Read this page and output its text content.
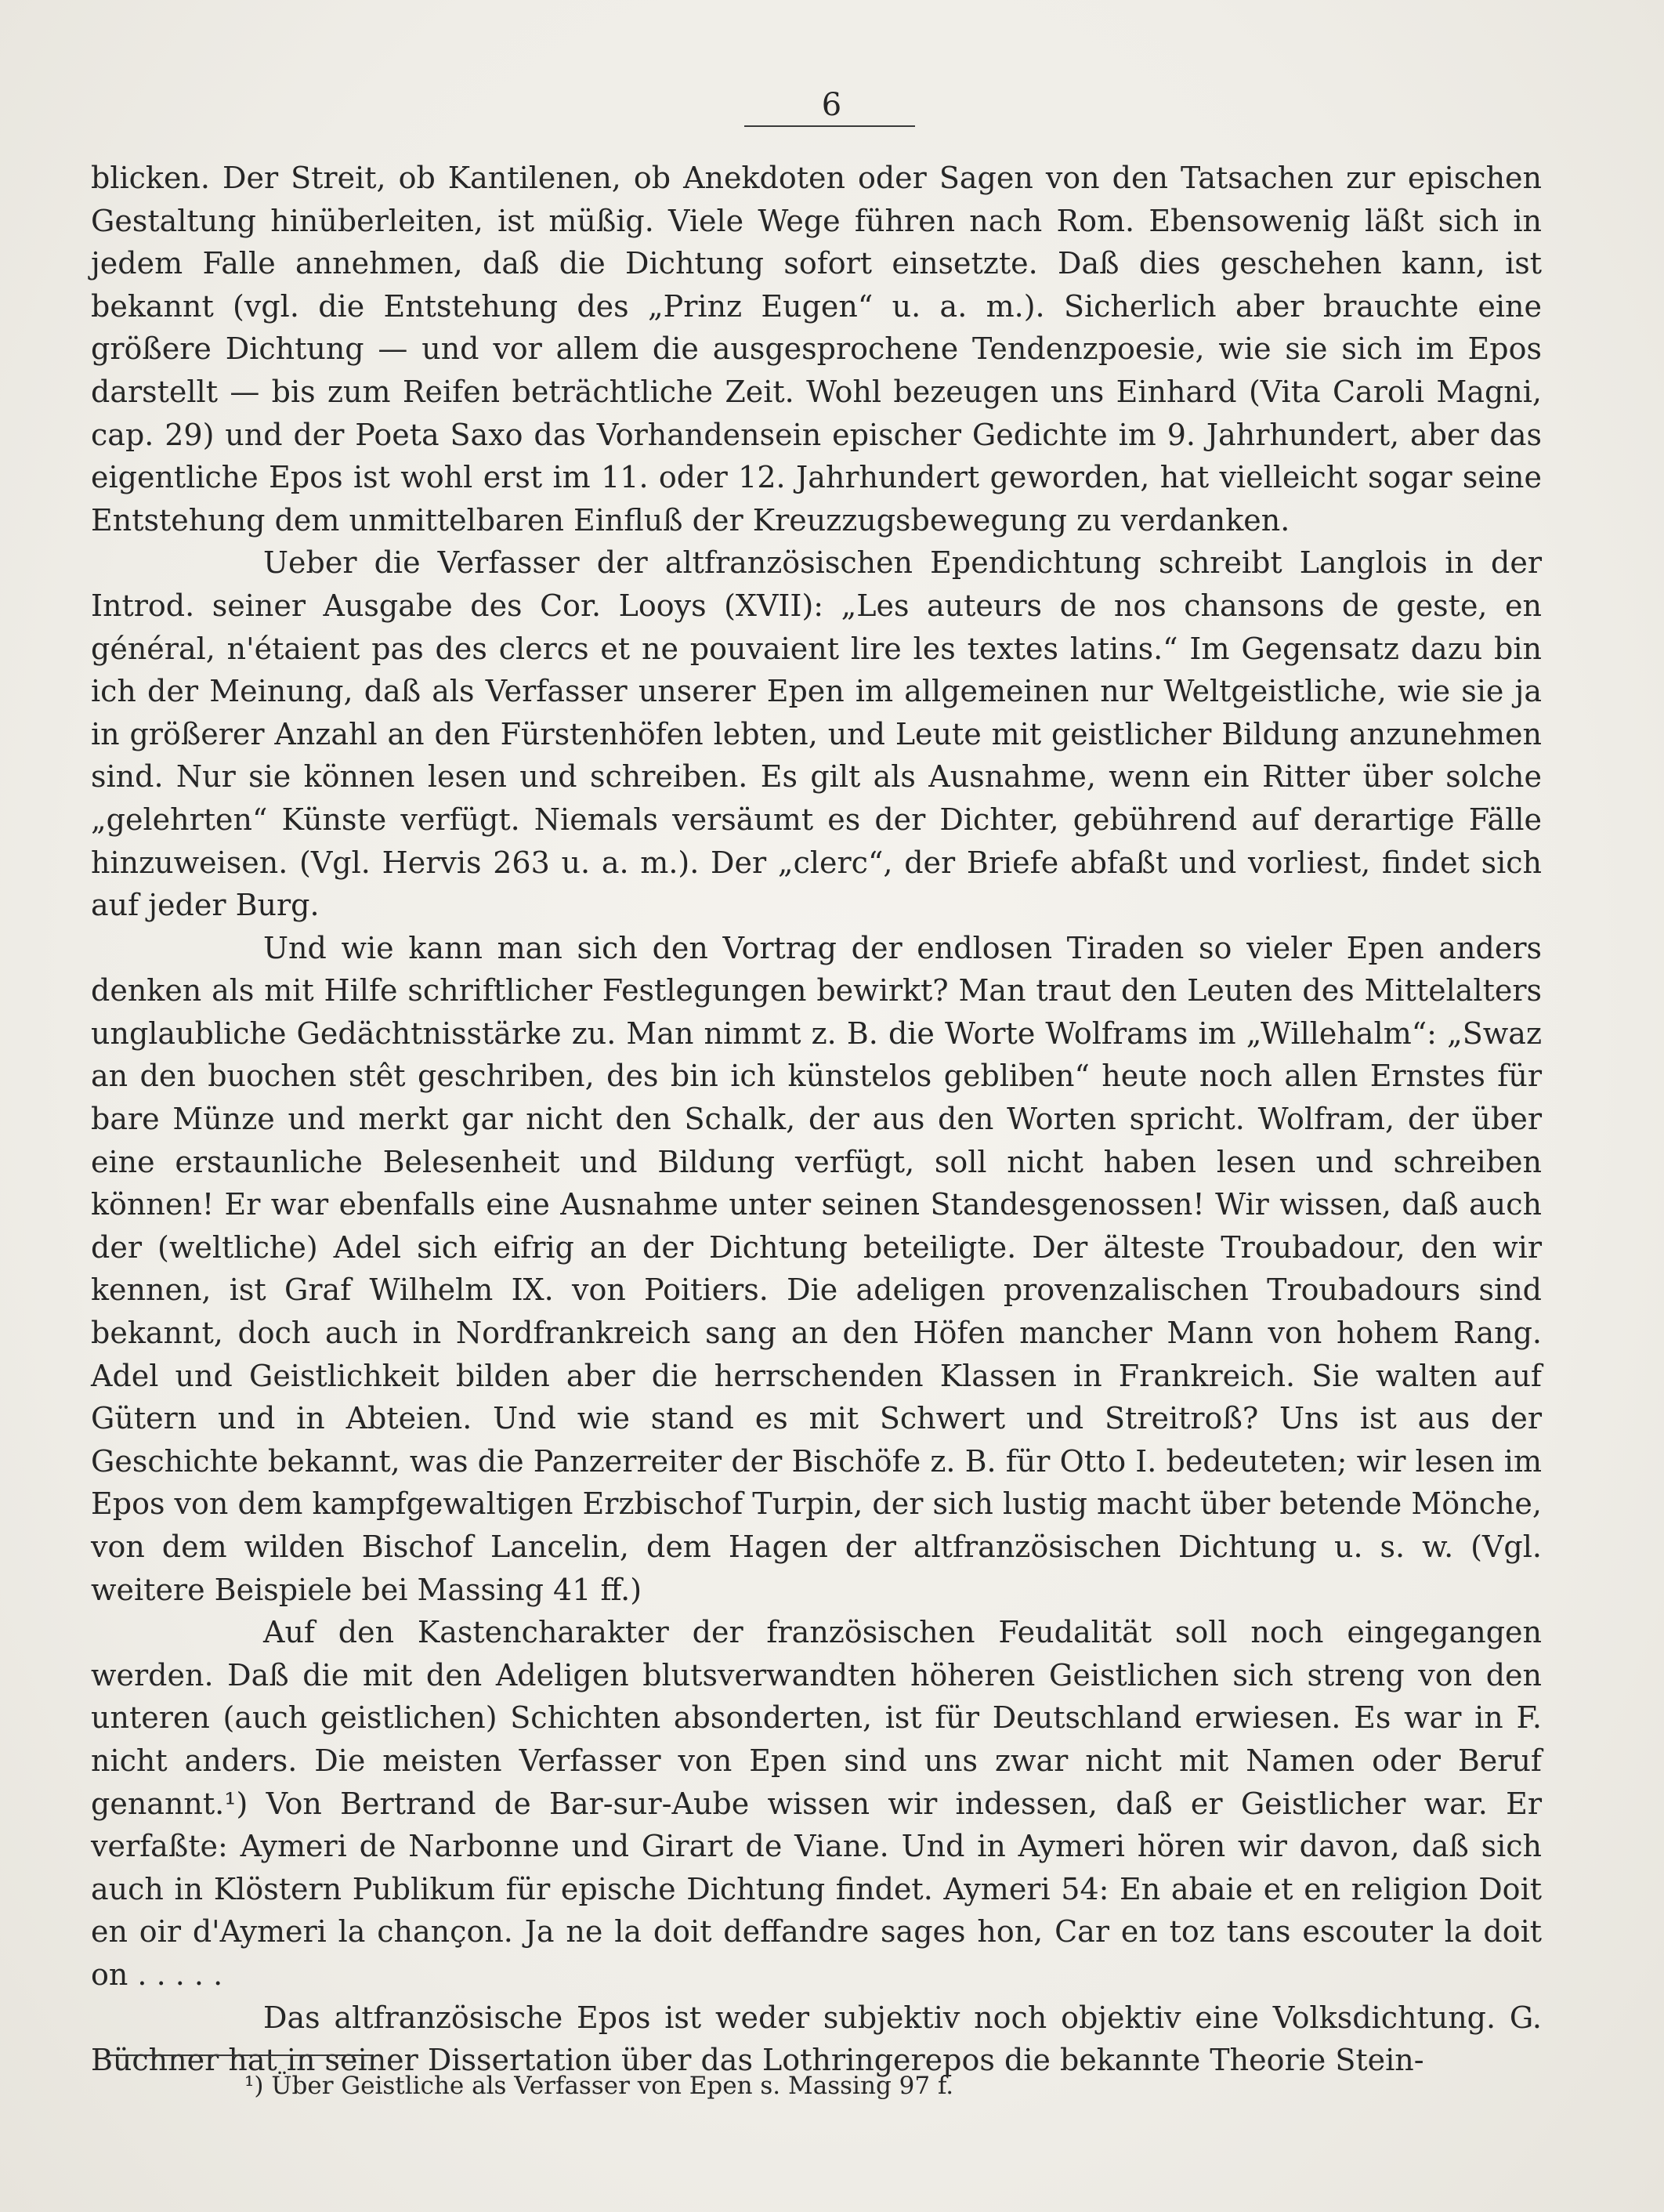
6

blicken. Der Streit, ob Kantilenen, ob Anekdoten oder Sagen von den Tatsachen zur epischen Gestaltung hinüberleiten, ist müßig. Viele Wege führen nach Rom. Ebensowenig läßt sich in jedem Falle annehmen, daß die Dichtung sofort einsetzte. Daß dies geschehen kann, ist bekannt (vgl. die Entstehung des „Prinz Eugen“ u. a. m.). Sicherlich aber brauchte eine größere Dichtung — und vor allem die ausgesprochene Tendenzpoesie, wie sie sich im Epos darstellt — bis zum Reifen beträchtliche Zeit. Wohl bezeugen uns Einhard (Vita Caroli Magni, cap. 29) und der Poeta Saxo das Vorhandensein epischer Gedichte im 9. Jahrhundert, aber das eigentliche Epos ist wohl erst im 11. oder 12. Jahrhundert geworden, hat vielleicht sogar seine Entstehung dem unmittelbaren Einfluß der Kreuzzugsbewegung zu verdanken.

Ueber die Verfasser der altfranzösischen Ependichtung schreibt Langlois in der Introd. seiner Ausgabe des Cor. Looys (XVII): „Les auteurs de nos chansons de geste, en général, n'étaient pas des clercs et ne pouvaient lire les textes latins.“ Im Gegensatz dazu bin ich der Meinung, daß als Verfasser unserer Epen im allgemeinen nur Weltgeistliche, wie sie ja in größerer Anzahl an den Fürstenhöfen lebten, und Leute mit geistlicher Bildung anzunehmen sind. Nur sie können lesen und schreiben. Es gilt als Ausnahme, wenn ein Ritter über solche „gelehrten“ Künste verfügt. Niemals versäumt es der Dichter, gebührend auf derartige Fälle hinzuweisen. (Vgl. Hervis 263 u. a. m.). Der „clerc“, der Briefe abfaßt und vorliest, findet sich auf jeder Burg.

Und wie kann man sich den Vortrag der endlosen Tiraden so vieler Epen anders denken als mit Hilfe schriftlicher Festlegungen bewirkt? Man traut den Leuten des Mittelalters unglaubliche Gedächtnisstärke zu. Man nimmt z. B. die Worte Wolframs im „Willehalm“: „Swaz an den buochen stêt geschriben, des bin ich künstelos gebliben“ heute noch allen Ernstes für bare Münze und merkt gar nicht den Schalk, der aus den Worten spricht. Wolfram, der über eine erstaunliche Belesenheit und Bildung verfügt, soll nicht haben lesen und schreiben können! Er war ebenfalls eine Ausnahme unter seinen Standesgenossen! Wir wissen, daß auch der (weltliche) Adel sich eifrig an der Dichtung beteiligte. Der älteste Troubadour, den wir kennen, ist Graf Wilhelm IX. von Poitiers. Die adeligen provenzalischen Troubadours sind bekannt, doch auch in Nordfrankreich sang an den Höfen mancher Mann von hohem Rang. Adel und Geistlichkeit bilden aber die herrschenden Klassen in Frankreich. Sie walten auf Gütern und in Abteien. Und wie stand es mit Schwert und Streitroß? Uns ist aus der Geschichte bekannt, was die Panzerreiter der Bischöfe z. B. für Otto I. bedeuteten; wir lesen im Epos von dem kampfgewaltigen Erzbischof Turpin, der sich lustig macht über betende Mönche, von dem wilden Bischof Lancelin, dem Hagen der altfranzösischen Dichtung u. s. w. (Vgl. weitere Beispiele bei Massing 41 ff.)

Auf den Kastencharakter der französischen Feudalität soll noch eingegangen werden. Daß die mit den Adeligen blutsverwandten höheren Geistlichen sich streng von den unteren (auch geistlichen) Schichten absonderten, ist für Deutschland erwiesen. Es war in F. nicht anders. Die meisten Verfasser von Epen sind uns zwar nicht mit Namen oder Beruf genannt.¹) Von Bertrand de Bar-sur-Aube wissen wir indessen, daß er Geistlicher war. Er verfaßte: Aymeri de Narbonne und Girart de Viane. Und in Aymeri hören wir davon, daß sich auch in Klöstern Publikum für epische Dichtung findet. Aymeri 54: En abaie et en religion Doit en oir d'Aymeri la chançon. Ja ne la doit deffandre sages hon, Car en toz tans escouter la doit on . . . . .

Das altfranzösische Epos ist weder subjektiv noch objektiv eine Volksdichtung. G. Büchner hat in seiner Dissertation über das Lothringerepos die bekannte Theorie Stein-

¹) Über Geistliche als Verfasser von Epen s. Massing 97 f.
